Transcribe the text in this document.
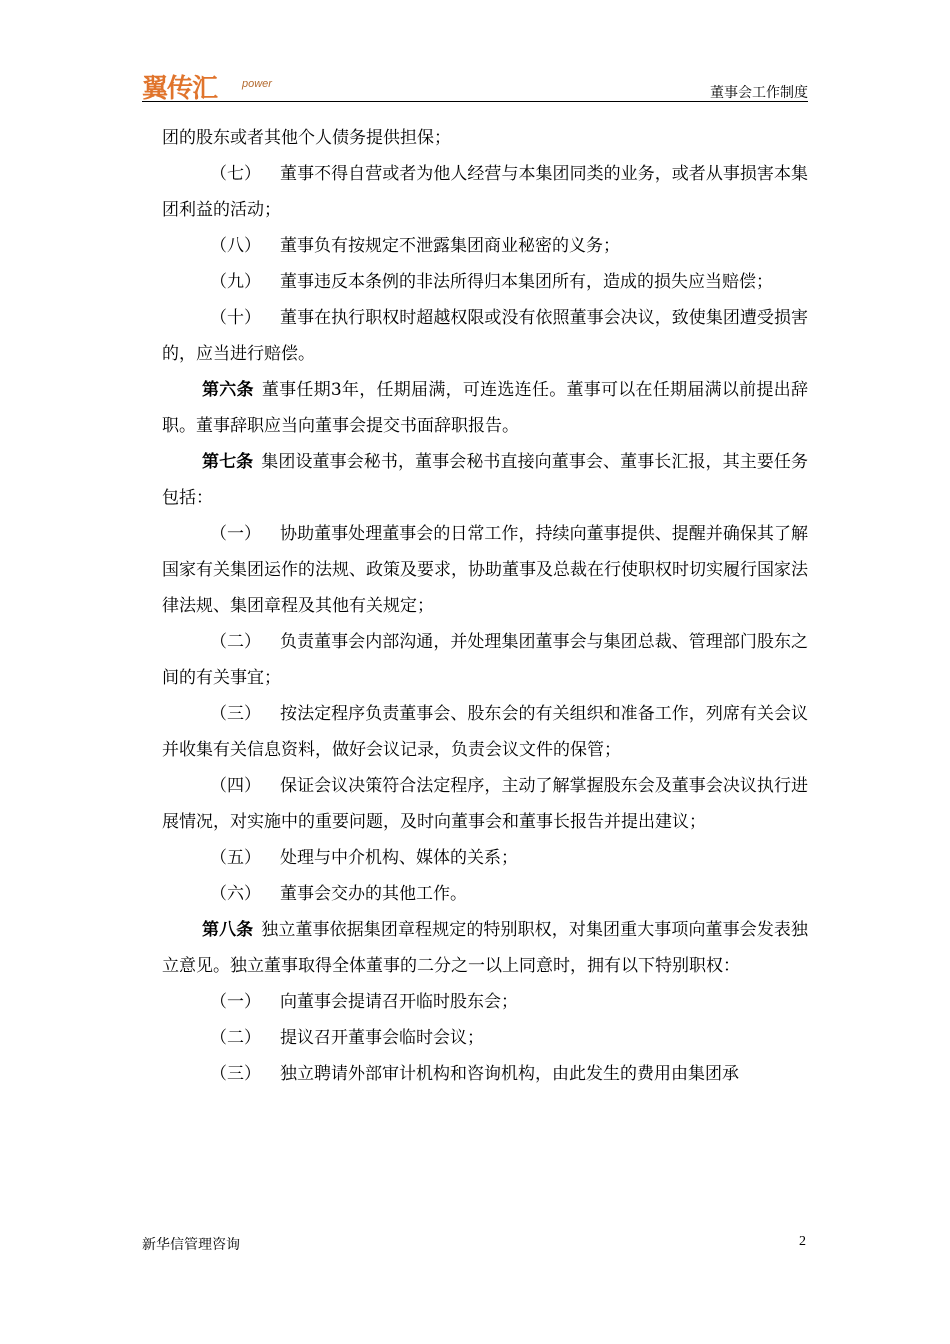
翼传汇 power
董事会工作制度

团的股东或者其他个人债务提供担保；

（七） 董事不得自营或者为他人经营与本集团同类的业务，或者从事损害本集团利益的活动；

（八） 董事负有按规定不泄露集团商业秘密的义务；

（九） 董事违反本条例的非法所得归本集团所有，造成的损失应当赔偿；

（十） 董事在执行职权时超越权限或没有依照董事会决议，致使集团遭受损害的，应当进行赔偿。

第六条 董事任期3年，任期届满，可连选连任。董事可以在任期届满以前提出辞职。董事辞职应当向董事会提交书面辞职报告。

第七条 集团设董事会秘书，董事会秘书直接向董事会、董事长汇报，其主要任务包括：

（一） 协助董事处理董事会的日常工作，持续向董事提供、提醒并确保其了解国家有关集团运作的法规、政策及要求，协助董事及总裁在行使职权时切实履行国家法律法规、集团章程及其他有关规定；

（二） 负责董事会内部沟通，并处理集团董事会与集团总裁、管理部门股东之间的有关事宜；

（三） 按法定程序负责董事会、股东会的有关组织和准备工作，列席有关会议并收集有关信息资料，做好会议记录，负责会议文件的保管；

（四） 保证会议决策符合法定程序，主动了解掌握股东会及董事会决议执行进展情况，对实施中的重要问题，及时向董事会和董事长报告并提出建议；

（五） 处理与中介机构、媒体的关系；

（六） 董事会交办的其他工作。

第八条 独立董事依据集团章程规定的特别职权，对集团重大事项向董事会发表独立意见。独立董事取得全体董事的二分之一以上同意时，拥有以下特别职权：

（一） 向董事会提请召开临时股东会；

（二） 提议召开董事会临时会议；

（三） 独立聘请外部审计机构和咨询机构，由此发生的费用由集团承

新华信管理咨询	2
